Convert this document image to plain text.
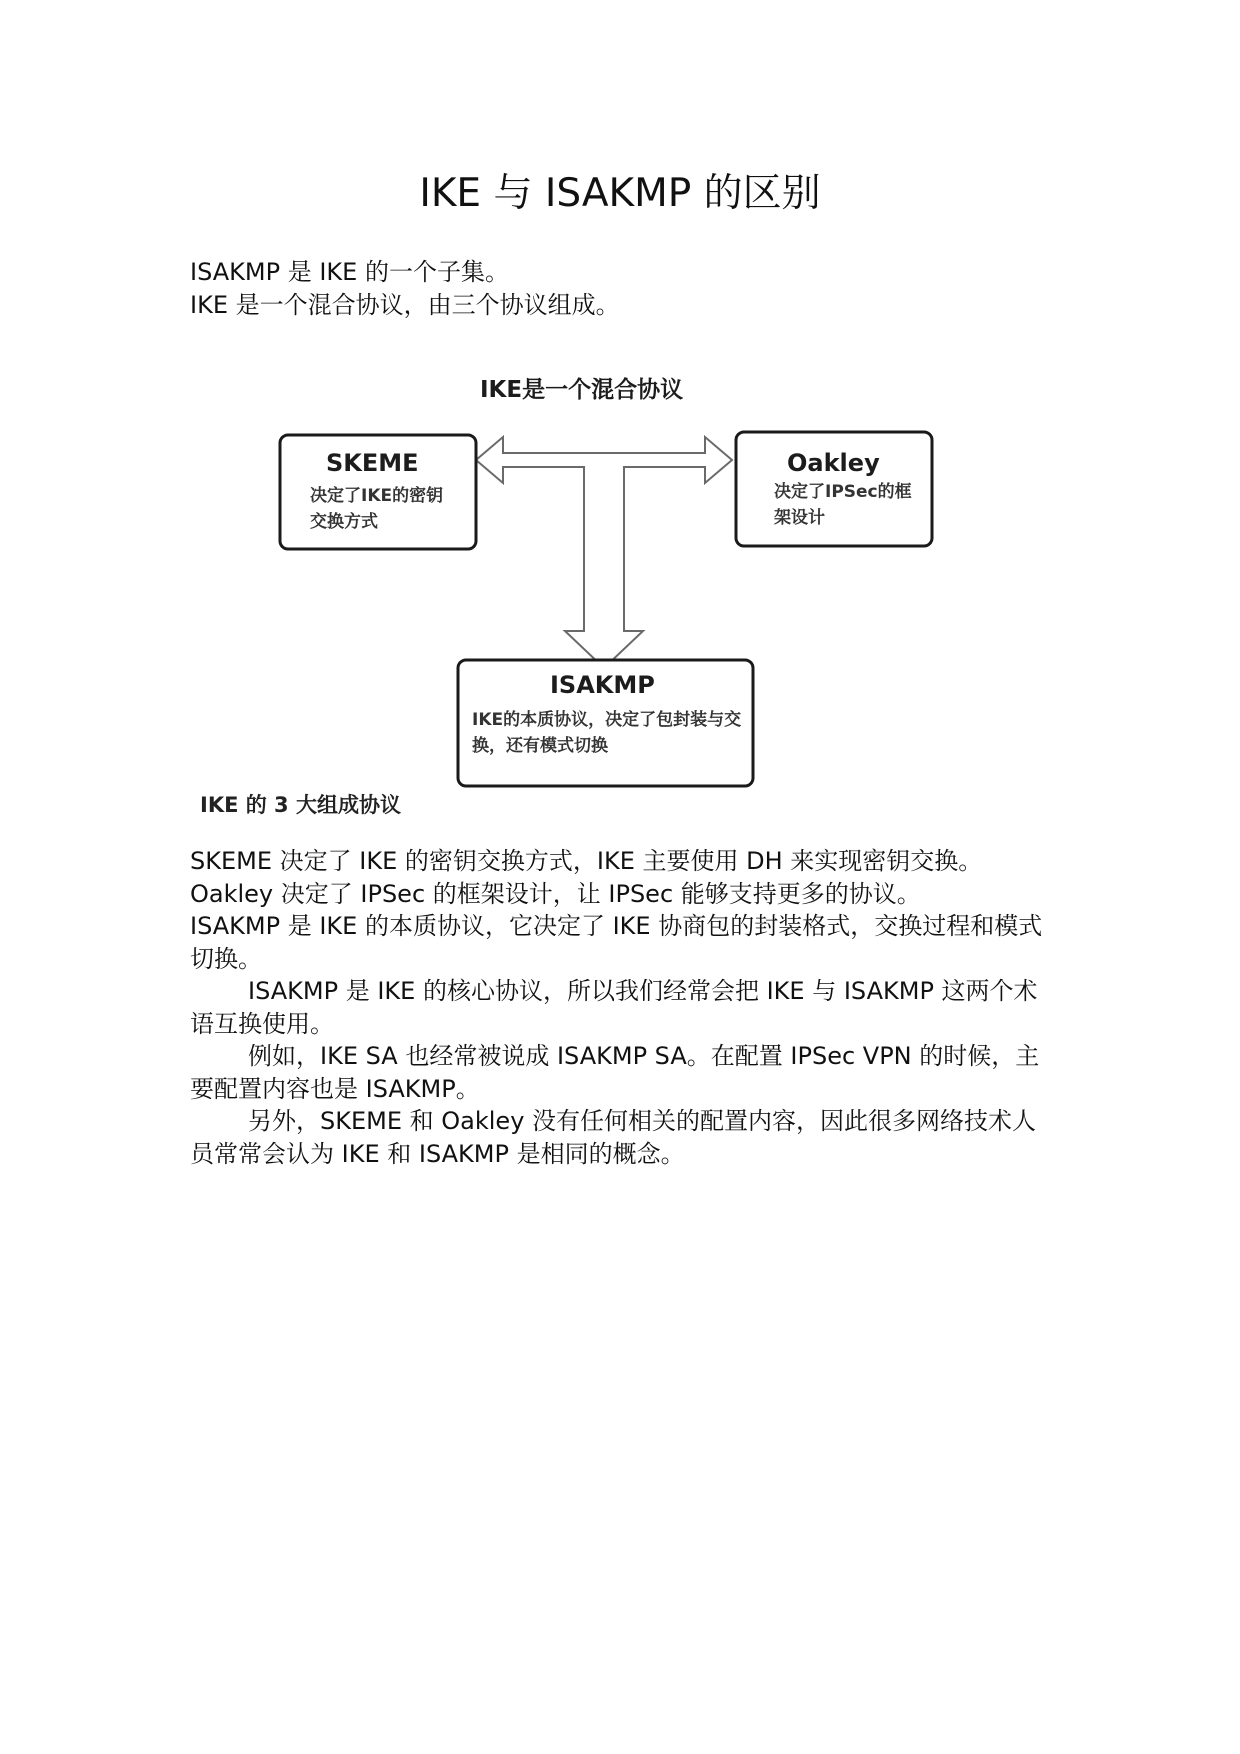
IKE 与 ISAKMP 的区别

ISAKMP 是 IKE 的一个子集。

IKE 是一个混合协议，由三个协议组成。

IKE是一个混合协议
SKEME
决定了IKE的密钥交换方式
Oakley
决定了IPSec的框架设计
ISAKMP
IKE的本质协议，决定了包封装与交换，还有模式切换
IKE 的 3 大组成协议

SKEME 决定了 IKE 的密钥交换方式，IKE 主要使用 DH 来实现密钥交换。

Oakley 决定了 IPSec 的框架设计，让 IPSec 能够支持更多的协议。

ISAKMP 是 IKE 的本质协议，它决定了 IKE 协商包的封装格式，交换过程和模式切换。

ISAKMP 是 IKE 的核心协议，所以我们经常会把 IKE 与 ISAKMP 这两个术语互换使用。

例如，IKE SA 也经常被说成 ISAKMP SA。在配置 IPSec VPN 的时候，主要配置内容也是 ISAKMP。

另外，SKEME 和 Oakley 没有任何相关的配置内容，因此很多网络技术人员常常会认为 IKE 和 ISAKMP 是相同的概念。
